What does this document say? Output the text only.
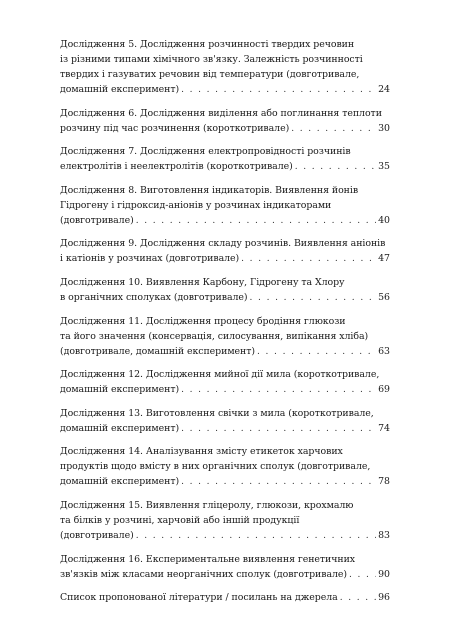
Дослідження 5. Дослідження розчинності твердих речовин
із різними типами хімічного зв'язку. Залежність розчинності
твердих і газуватих речовин від температури (довготривале,
домашній експеримент) . . .	24
Дослідження 6. Дослідження виділення або поглинання теплоти
розчину під час розчинення (короткотривале) . . .	30
Дослідження 7. Дослідження електропровідності розчинів
електролітів і неелектролітів (короткотривале) . . .	35
Дослідження 8. Виготовлення індикаторів. Виявлення йонів
Гідрогену і гідроксид-аніонів у розчинах індикаторами
(довготривале) . . .	40
Дослідження 9. Дослідження складу розчинів. Виявлення аніонів
і катіонів у розчинах (довготривале) . . .	47
Дослідження 10. Виявлення Карбону, Гідрогену та Хлору
в органічних сполуках (довготривале) . . .	56
Дослідження 11. Дослідження процесу бродіння глюкози
та його значення (консервація, силосування, випікання хліба)
(довготривале, домашній експеримент) . . .	63
Дослідження 12. Дослідження мийної дії мила (короткотривале,
домашній експеримент) . . .	69
Дослідження 13. Виготовлення свічки з мила (короткотривале,
домашній експеримент) . . .	74
Дослідження 14. Аналізування змісту етикеток харчових
продуктів щодо вмісту в них органічних сполук (довготривале,
домашній експеримент) . . .	78
Дослідження 15. Виявлення гліцеролу, глюкози, крохмалю
та білків у розчині, харчовій або іншій продукції
(довготривале) . . .	83
Дослідження 16. Експериментальне виявлення генетичних
зв'язків між класами неорганічних сполук (довготривале) . . .	90
Список пропонованої літератури / посилань на джерела . . .	96
